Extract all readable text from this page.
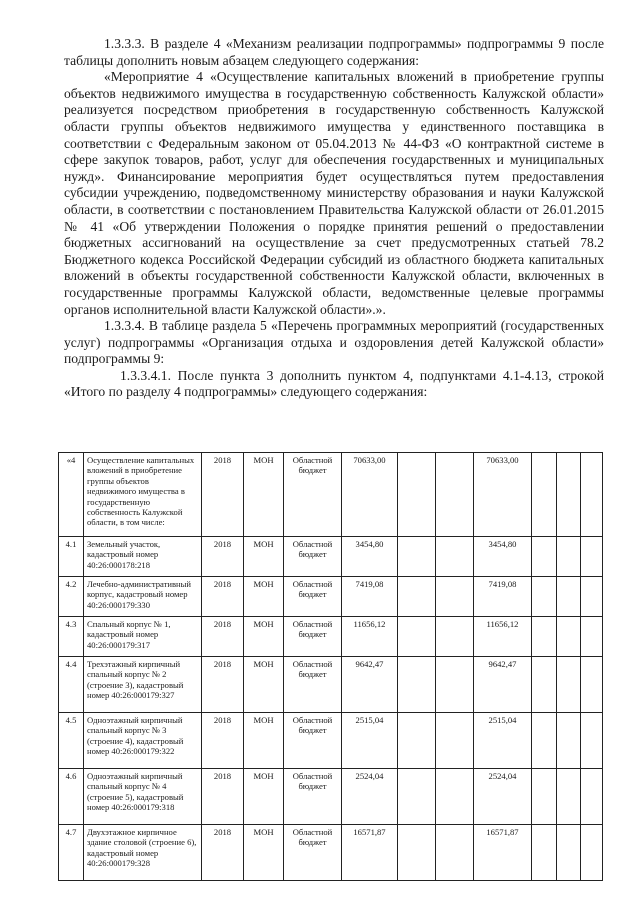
1.3.3.3. В разделе 4 «Механизм реализации подпрограммы» подпрограммы 9 после таблицы дополнить новым абзацем следующего содержания:

«Мероприятие 4 «Осуществление капитальных вложений в приобретение группы объектов недвижимого имущества в государственную собственность Калужской области» реализуется посредством приобретения в государственную собственность Калужской области группы объектов недвижимого имущества у единственного поставщика в соответствии с Федеральным законом от 05.04.2013 № 44-ФЗ «О контрактной системе в сфере закупок товаров, работ, услуг для обеспечения государственных и муниципальных нужд». Финансирование мероприятия будет осуществляться путем предоставления субсидии учреждению, подведомственному министерству образования и науки Калужской области, в соответствии с постановлением Правительства Калужской области от 26.01.2015 № 41 «Об утверждении Положения о порядке принятия решений о предоставлении бюджетных ассигнований на осуществление за счет предусмотренных статьей 78.2 Бюджетного кодекса Российской Федерации субсидий из областного бюджета капитальных вложений в объекты государственной собственности Калужской области, включенных в государственные программы Калужской области, ведомственные целевые программы органов исполнительной власти Калужской области».».

1.3.3.4. В таблице раздела 5 «Перечень программных мероприятий (государственных услуг) подпрограммы «Организация отдыха и оздоровления детей Калужской области» подпрограммы 9:

1.3.3.4.1. После пункта 3 дополнить пунктом 4, подпунктами 4.1-4.13, строкой «Итого по разделу 4 подпрограммы» следующего содержания:

«4	Осуществление капитальных вложений в приобретение группы объектов недвижимого имущества в государственную собственность Калужской области, в том числе:	2018	МОН	Областной бюджет	70633,00			70633,00			
4.1	Земельный участок, кадастровый номер 40:26:000178:218	2018	МОН	Областной бюджет	3454,80			3454,80			
4.2	Лечебно-административный корпус, кадастровый номер 40:26:000179:330	2018	МОН	Областной бюджет	7419,08			7419,08			
4.3	Спальный корпус № 1, кадастровый номер 40:26:000179:317	2018	МОН	Областной бюджет	11656,12			11656,12			
4.4	Трехэтажный кирпичный спальный корпус № 2 (строение 3), кадастровый номер 40:26:000179:327	2018	МОН	Областной бюджет	9642,47			9642,47			
4.5	Одноэтажный кирпичный спальный корпус № 3 (строение 4), кадастровый номер 40:26:000179:322	2018	МОН	Областной бюджет	2515,04			2515,04			
4.6	Одноэтажный кирпичный спальный корпус № 4 (строение 5), кадастровый номер 40:26:000179:318	2018	МОН	Областной бюджет	2524,04			2524,04			
4.7	Двухэтажное кирпичное здание столовой (строение 6), кадастровый номер 40:26:000179:328	2018	МОН	Областной бюджет	16571,87			16571,87			
